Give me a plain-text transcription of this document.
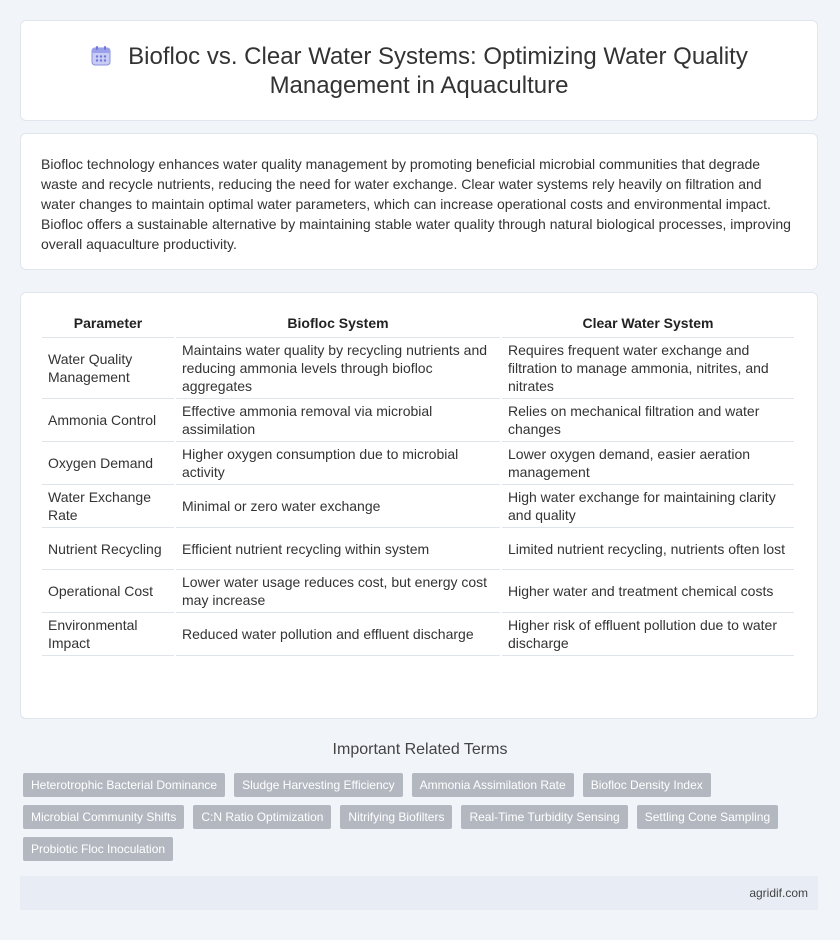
Biofloc vs. Clear Water Systems: Optimizing Water Quality Management in Aquaculture

Biofloc technology enhances water quality management by promoting beneficial microbial communities that degrade waste and recycle nutrients, reducing the need for water exchange. Clear water systems rely heavily on filtration and water changes to maintain optimal water parameters, which can increase operational costs and environmental impact. Biofloc offers a sustainable alternative by maintaining stable water quality through natural biological processes, improving overall aquaculture productivity.

Parameter	Biofloc System	Clear Water System
Water Quality Management	Maintains water quality by recycling nutrients and reducing ammonia levels through biofloc aggregates	Requires frequent water exchange and filtration to manage ammonia, nitrites, and nitrates
Ammonia Control	Effective ammonia removal via microbial assimilation	Relies on mechanical filtration and water changes
Oxygen Demand	Higher oxygen consumption due to microbial activity	Lower oxygen demand, easier aeration management
Water Exchange Rate	Minimal or zero water exchange	High water exchange for maintaining clarity and quality
Nutrient Recycling	Efficient nutrient recycling within system	Limited nutrient recycling, nutrients often lost
Operational Cost	Lower water usage reduces cost, but energy cost may increase	Higher water and treatment chemical costs
Environmental Impact	Reduced water pollution and effluent discharge	Higher risk of effluent pollution due to water discharge
Important Related Terms
Heterotrophic Bacterial Dominance	Sludge Harvesting Efficiency	Ammonia Assimilation Rate	Biofloc Density Index
Microbial Community Shifts	C:N Ratio Optimization	Nitrifying Biofilters	Real-Time Turbidity Sensing	Settling Cone Sampling
Probiotic Floc Inoculation
agridif.com
